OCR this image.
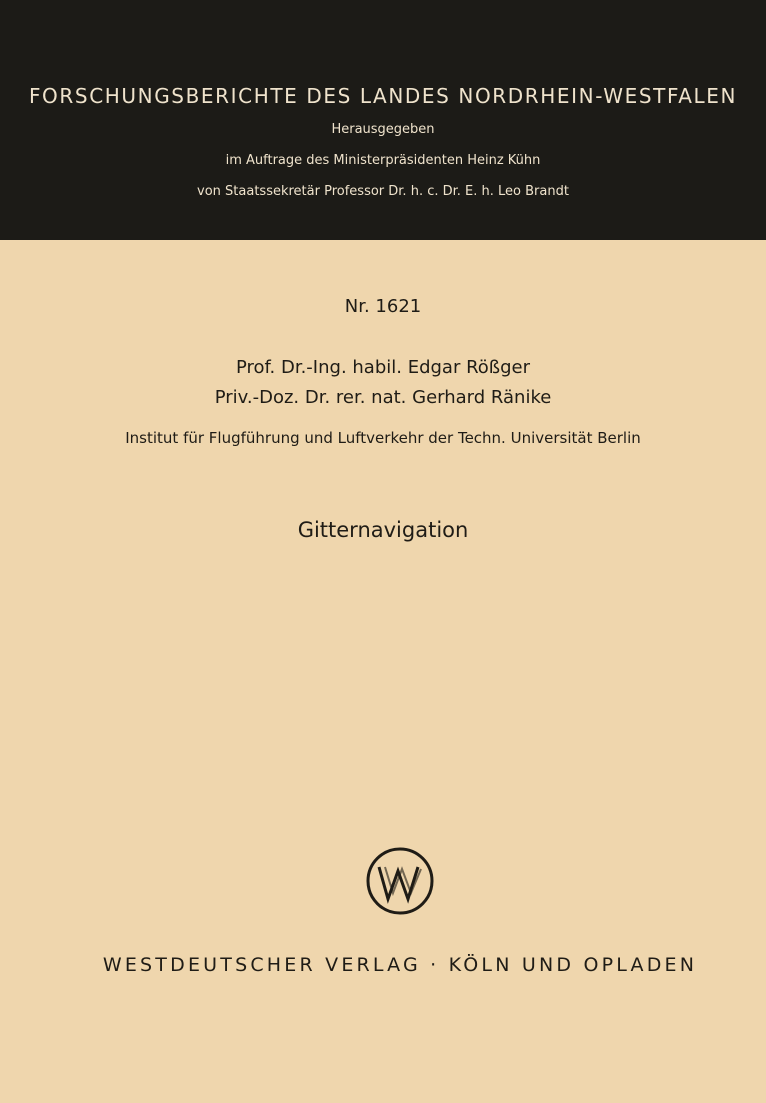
FORSCHUNGSBERICHTE DES LANDES NORDRHEIN-WESTFALEN
Herausgegeben
im Auftrage des Ministerpräsidenten Heinz Kühn
von Staatssekretär Professor Dr. h. c. Dr. E. h. Leo Brandt
Nr. 1621
Prof. Dr.-Ing. habil. Edgar Rößger
Priv.-Doz. Dr. rer. nat. Gerhard Ränike
Institut für Flugführung und Luftverkehr der Techn. Universität Berlin
Gitternavigation
WESTDEUTSCHER VERLAG · KÖLN UND OPLADEN
